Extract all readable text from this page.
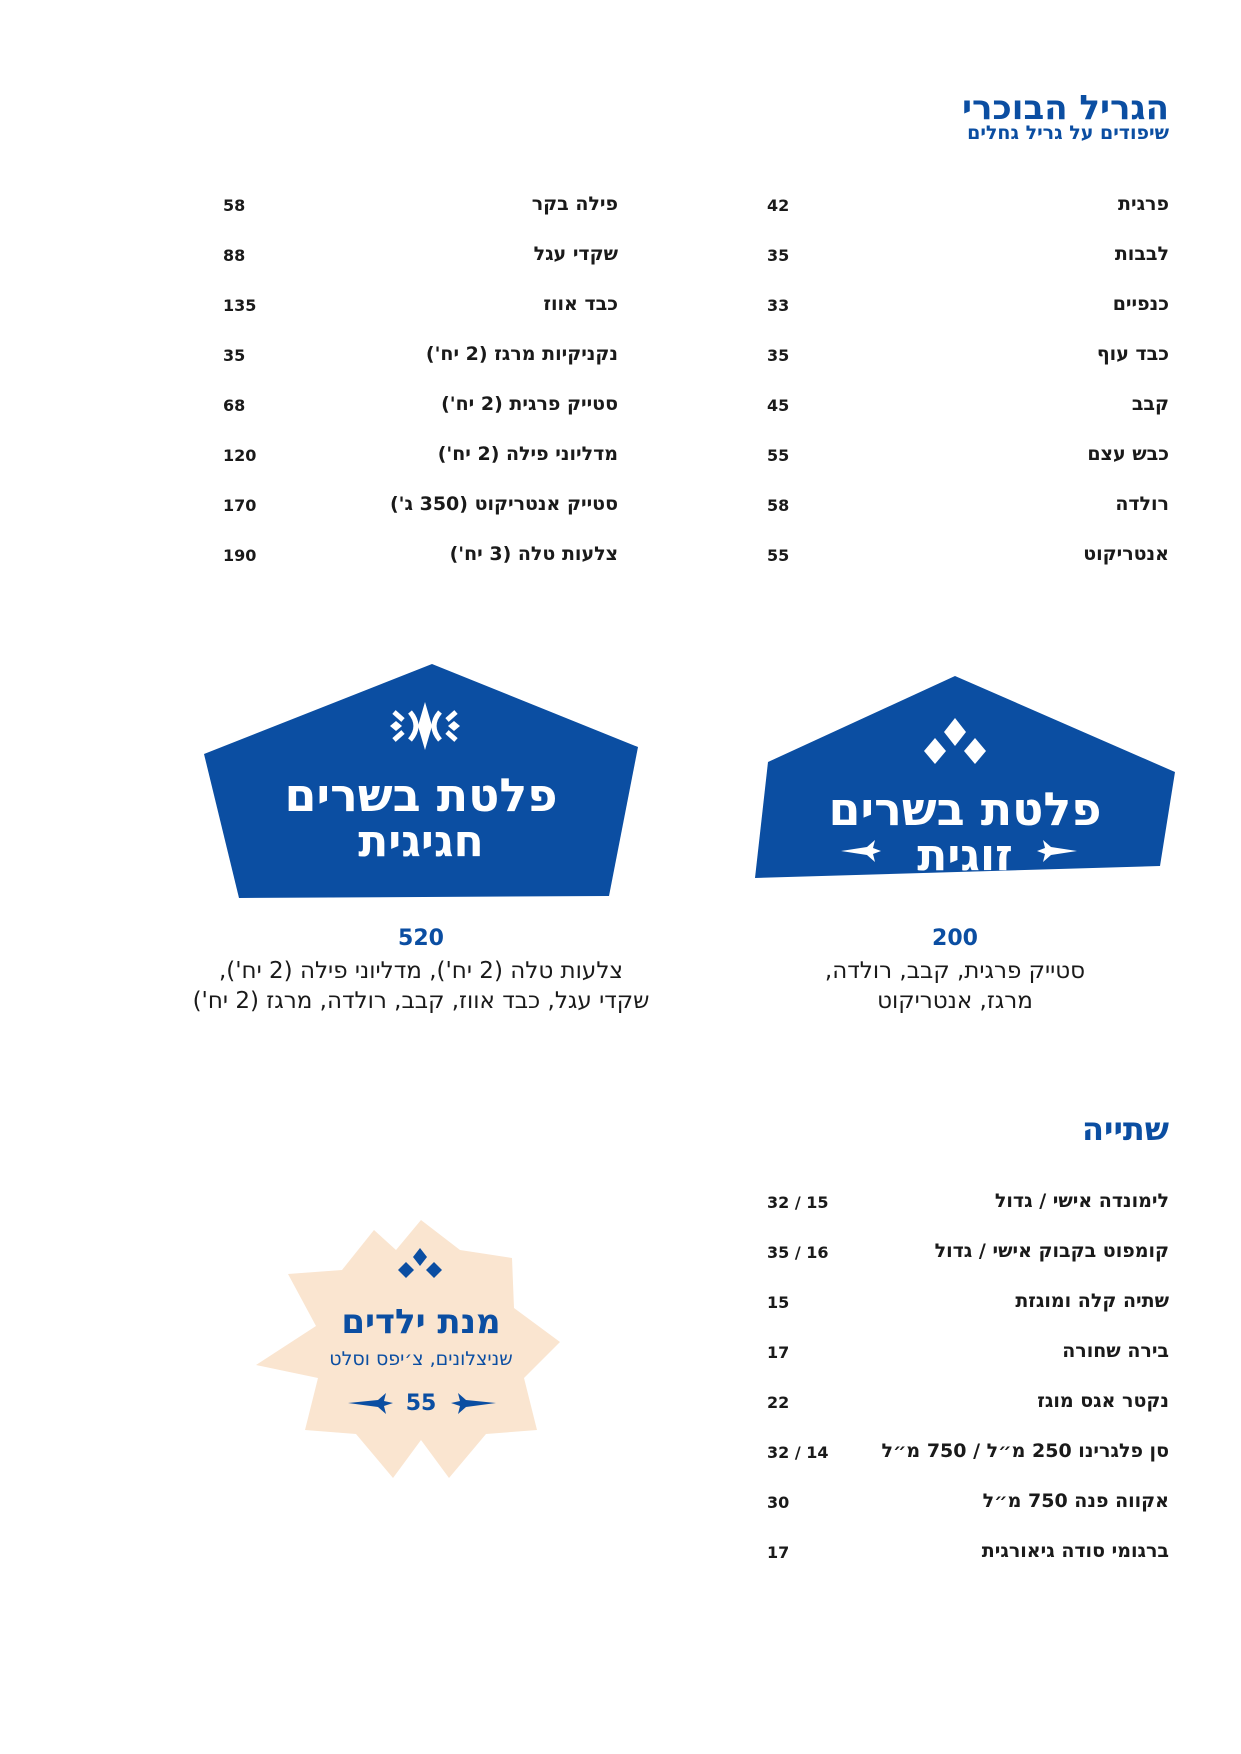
הגריל הבוכרי
שיפודים על גריל גחלים
פרגית
42
לבבות
35
כנפיים
33
כבד עוף
35
קבב
45
כבש עצם
55
רולדה
58
אנטריקוט
55
פילה בקר
58
שקדי עגל
88
כבד אווז
135
נקניקיות מרגז (2 יח')
35
סטייק פרגית (2 יח')
68
מדליוני פילה (2 יח')
120
סטייק אנטריקוט (350 ג')
170
צלעות טלה (3 יח')
190
פלטת בשרים
זוגית
פלטת בשרים
חגיגית
200
סטייק פרגית, קבב, רולדה,
מרגז, אנטריקוט
520
צלעות טלה (2 יח'), מדליוני פילה (2 יח'),
שקדי עגל, כבד אווז, קבב, רולדה, מרגז (2 יח')
שתייה
לימונדה אישי / גדול
32 / 15
קומפוט בקבוק אישי / גדול
35 / 16
שתיה קלה ומוגזת
15
בירה שחורה
17
נקטר אגס מוגז
22
סן פלגרינו 250 מ״ל / 750 מ״ל
32 / 14
אקווה פנה 750 מ״ל
30
ברגומי סודה גיאורגית
17
מנת ילדים
שניצלונים, צ׳יפס וסלט
55
